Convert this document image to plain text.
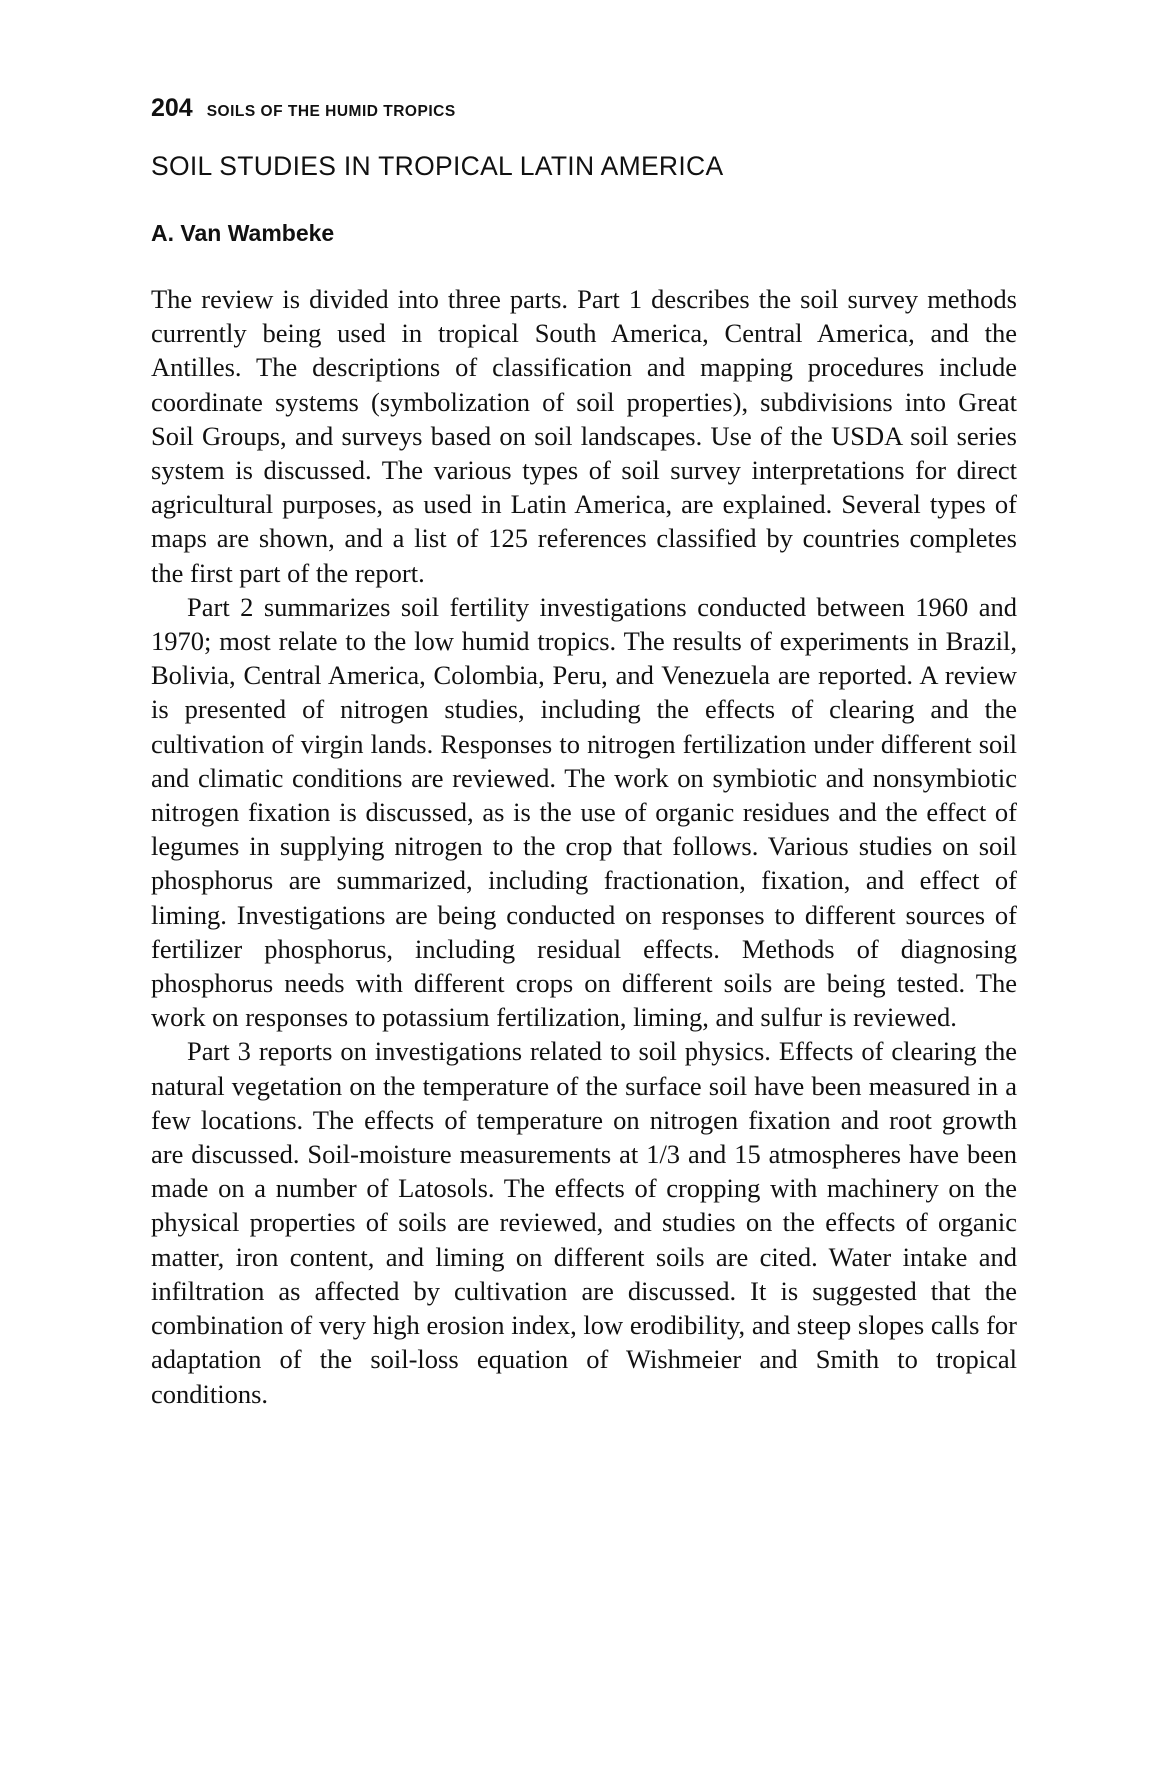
204 SOILS OF THE HUMID TROPICS
SOIL STUDIES IN TROPICAL LATIN AMERICA
A. Van Wambeke

The review is divided into three parts. Part 1 describes the soil survey methods currently being used in tropical South America, Central America, and the Antilles. The descriptions of classification and mapping procedures include coordinate systems (symbolization of soil properties), subdivisions into Great Soil Groups, and surveys based on soil landscapes. Use of the USDA soil series system is discussed. The various types of soil survey interpretations for direct agricultural purposes, as used in Latin America, are explained. Several types of maps are shown, and a list of 125 references classified by countries completes the first part of the report.

Part 2 summarizes soil fertility investigations conducted between 1960 and 1970; most relate to the low humid tropics. The results of experiments in Brazil, Bolivia, Central America, Colombia, Peru, and Venezuela are reported. A review is presented of nitrogen studies, including the effects of clearing and the cultivation of virgin lands. Responses to nitrogen fertilization under different soil and climatic conditions are reviewed. The work on symbiotic and nonsymbiotic nitrogen fixation is discussed, as is the use of organic residues and the effect of legumes in supplying nitrogen to the crop that follows. Various studies on soil phosphorus are summarized, including fractionation, fixation, and effect of liming. Investigations are being conducted on responses to different sources of fertilizer phosphorus, including residual effects. Methods of diagnosing phosphorus needs with different crops on different soils are being tested. The work on responses to potassium fertilization, liming, and sulfur is reviewed.

Part 3 reports on investigations related to soil physics. Effects of clearing the natural vegetation on the temperature of the surface soil have been measured in a few locations. The effects of temperature on nitrogen fixation and root growth are discussed. Soil-moisture measurements at 1/3 and 15 atmospheres have been made on a number of Latosols. The effects of cropping with machinery on the physical properties of soils are reviewed, and studies on the effects of organic matter, iron content, and liming on different soils are cited. Water intake and infiltration as affected by cultivation are discussed. It is suggested that the combination of very high erosion index, low erodibility, and steep slopes calls for adaptation of the soil-loss equation of Wishmeier and Smith to tropical conditions.
